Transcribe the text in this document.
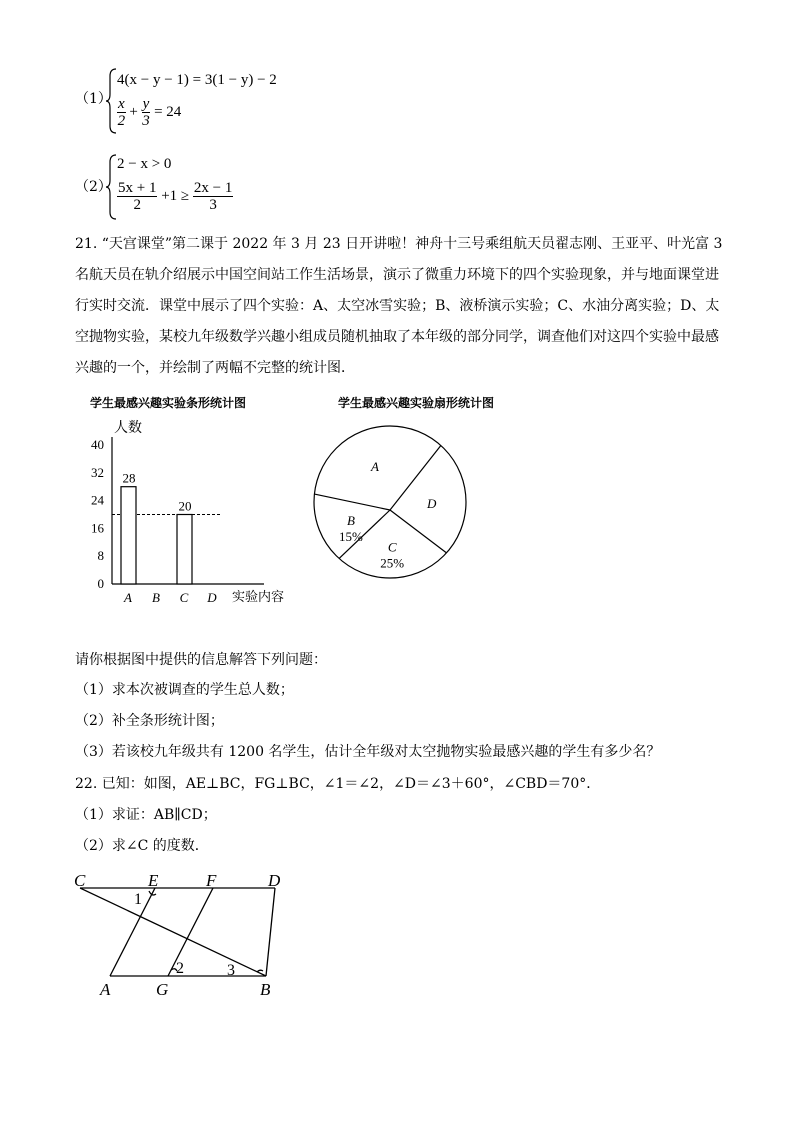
（1）
4(x − y − 1) = 3(1 − y) − 2
$\frac{x}{2} + \frac{y}{3} = 24$
（2）
2 − x > 0
$\frac{5x + 1}{2} +1 \ge \frac{2x - 1}{3}$
21. “天宫课堂”第二课于 2022 年 3 月 23 日开讲啦！神舟十三号乘组航天员翟志刚、王亚平、叶光富 3
名航天员在轨介绍展示中国空间站工作生活场景，演示了微重力环境下的四个实验现象，并与地面课堂进
行实时交流．课堂中展示了四个实验：A、太空冰雪实验；B、液桥演示实验；C、水油分离实验；D、太
空抛物实验，某校九年级数学兴趣小组成员随机抽取了本年级的部分同学，调查他们对这四个实验中最感
兴趣的一个，并绘制了两幅不完整的统计图．
学生最感兴趣实验条形统计图
人数
实验内容
0
8
16
24
32
40
28
A B
20
C D
学生最感兴趣实验扇形统计图
A
B
15%
C
25%
D
请你根据图中提供的信息解答下列问题：
（1）求本次被调查的学生总人数；
（2）补全条形统计图；
（3）若该校九年级共有 1200 名学生，估计全年级对太空抛物实验最感兴趣的学生有多少名？
22. 已知：如图，AE⊥BC，FG⊥BC，∠1＝∠2，∠D＝∠3＋60°，∠CBD＝70°．
（1）求证：AB∥CD；
（2）求∠C 的度数．
C	E	F	D
A	G	B
1
2	3
